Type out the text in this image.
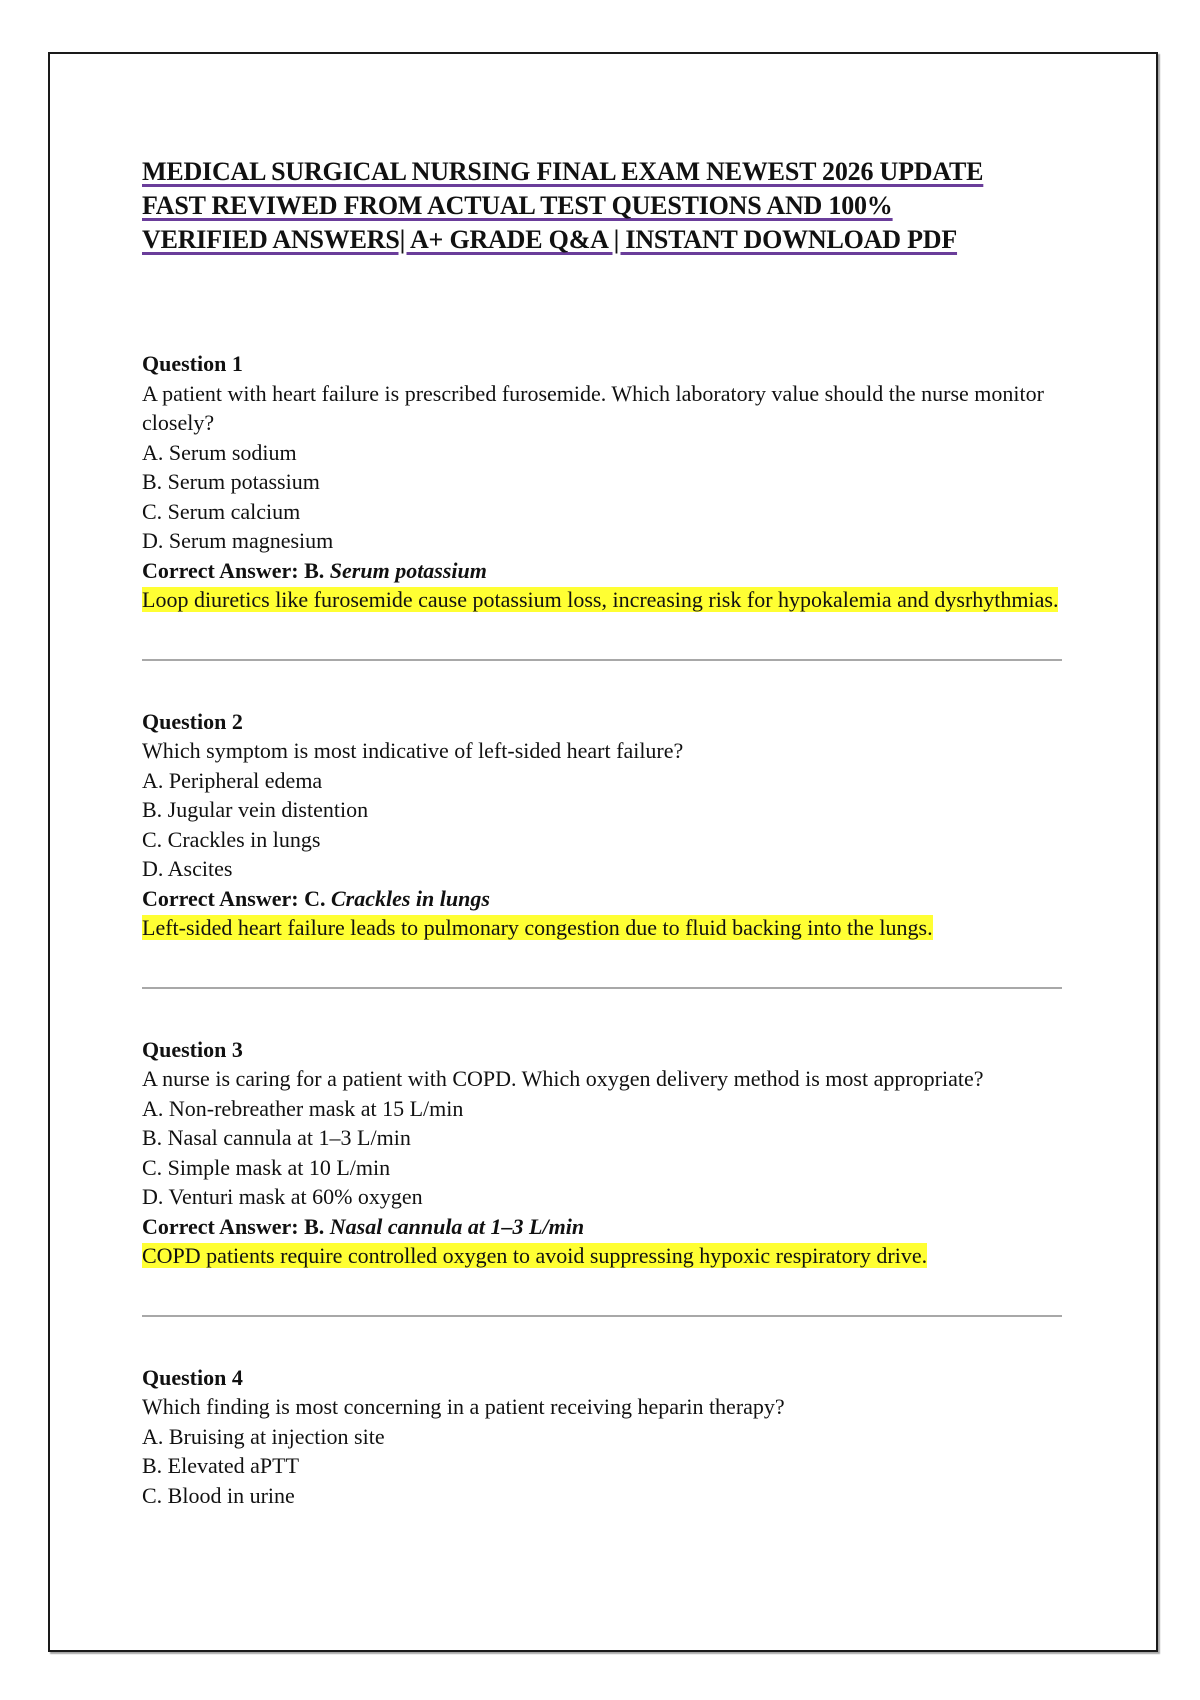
MEDICAL SURGICAL NURSING FINAL EXAM NEWEST 2026 UPDATE
FAST REVIWED FROM ACTUAL TEST QUESTIONS AND 100%
VERIFIED ANSWERS| A+ GRADE Q&A | INSTANT DOWNLOAD PDF
Question 1
A patient with heart failure is prescribed furosemide. Which laboratory value should the nurse monitor closely?
A. Serum sodium
B. Serum potassium
C. Serum calcium
D. Serum magnesium
Correct Answer: B. Serum potassium
Loop diuretics like furosemide cause potassium loss, increasing risk for hypokalemia and dysrhythmias.
Question 2
Which symptom is most indicative of left-sided heart failure?
A. Peripheral edema
B. Jugular vein distention
C. Crackles in lungs
D. Ascites
Correct Answer: C. Crackles in lungs
Left-sided heart failure leads to pulmonary congestion due to fluid backing into the lungs.
Question 3
A nurse is caring for a patient with COPD. Which oxygen delivery method is most appropriate?
A. Non-rebreather mask at 15 L/min
B. Nasal cannula at 1–3 L/min
C. Simple mask at 10 L/min
D. Venturi mask at 60% oxygen
Correct Answer: B. Nasal cannula at 1–3 L/min
COPD patients require controlled oxygen to avoid suppressing hypoxic respiratory drive.
Question 4
Which finding is most concerning in a patient receiving heparin therapy?
A. Bruising at injection site
B. Elevated aPTT
C. Blood in urine
